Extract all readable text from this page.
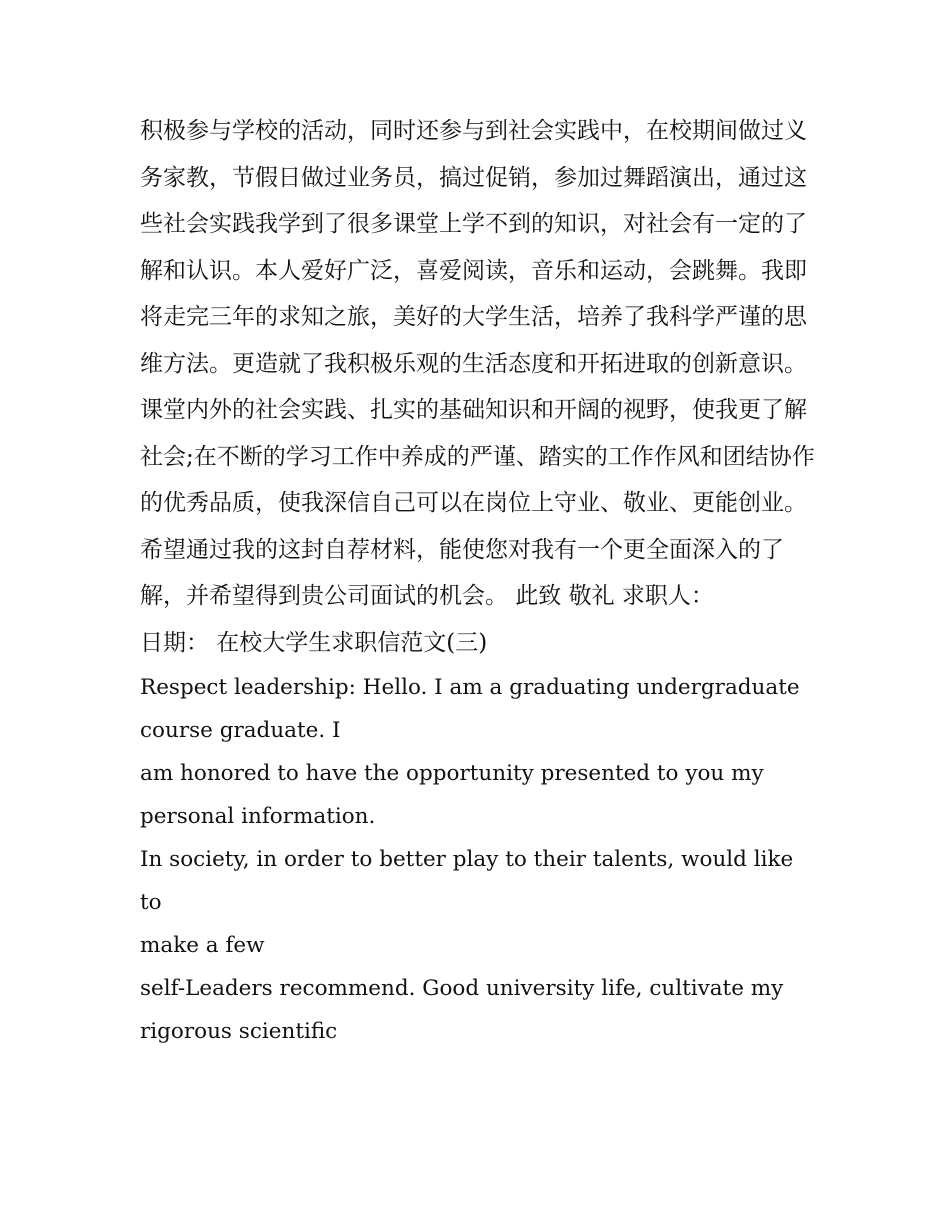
积极参与学校的活动，同时还参与到社会实践中，在校期间做过义务家教，节假日做过业务员，搞过促销，参加过舞蹈演出，通过这些社会实践我学到了很多课堂上学不到的知识，对社会有一定的了解和认识。本人爱好广泛，喜爱阅读，音乐和运动，会跳舞。我即将走完三年的求知之旅，美好的大学生活，培养了我科学严谨的思维方法。更造就了我积极乐观的生活态度和开拓进取的创新意识。课堂内外的社会实践、扎实的基础知识和开阔的视野，使我更了解社会;在不断的学习工作中养成的严谨、踏实的工作作风和团结协作的优秀品质，使我深信自己可以在岗位上守业、敬业、更能创业。

希望通过我的这封自荐材料，能使您对我有一个更全面深入的了解，并希望得到贵公司面试的机会。 此致 敬礼 求职人：

日期： 在校大学生求职信范文(三)

Respect leadership: Hello. I am a graduating undergraduate

course graduate. I

am honored to have the opportunity presented to you my

personal information.

In society, in order to better play to their talents, would like to

make a few

self-Leaders recommend. Good university life, cultivate my

rigorous scientific
